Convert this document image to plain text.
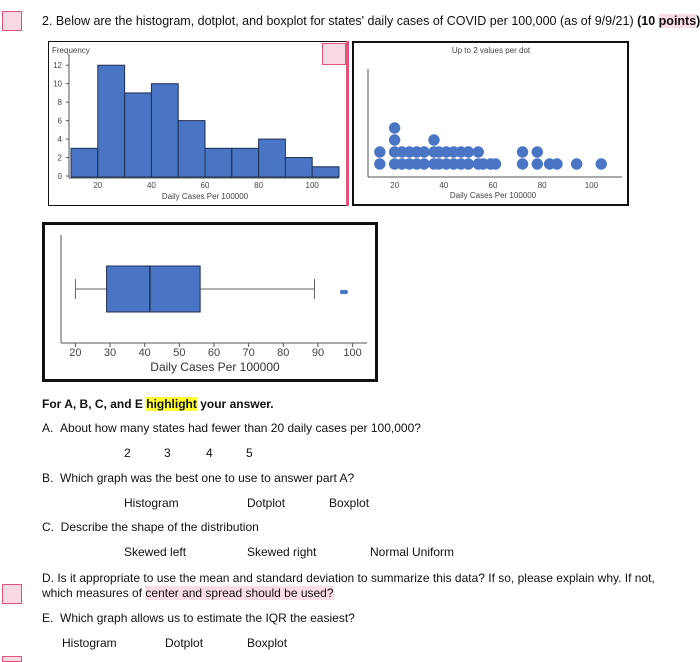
2. Below are the histogram, dotplot, and boxplot for states' daily cases of COVID per 100,000 (as of 9/9/21) (10 points)
Frequency
0
2
4
6
8
10
12
20	40	60	80	100
Daily Cases Per 100000
Up to 2 values per dot
20	40	60	80	100
Daily Cases Per 100000
20 30 40 50 60 70 80 90 100
Daily Cases Per 100000
For A, B, C, and E highlight your answer.
A. About how many states had fewer than 20 daily cases per 100,000?
2	3	4	5
B. Which graph was the best one to use to answer part A?
Histogram	Dotplot	Boxplot
C. Describe the shape of the distribution
Skewed left	Skewed right	Normal Uniform
D. Is it appropriate to use the mean and standard deviation to summarize this data? If so, please explain why. If not,
which measures of center and spread should be used?
E. Which graph allows us to estimate the IQR the easiest?
Histogram	Dotplot	Boxplot
